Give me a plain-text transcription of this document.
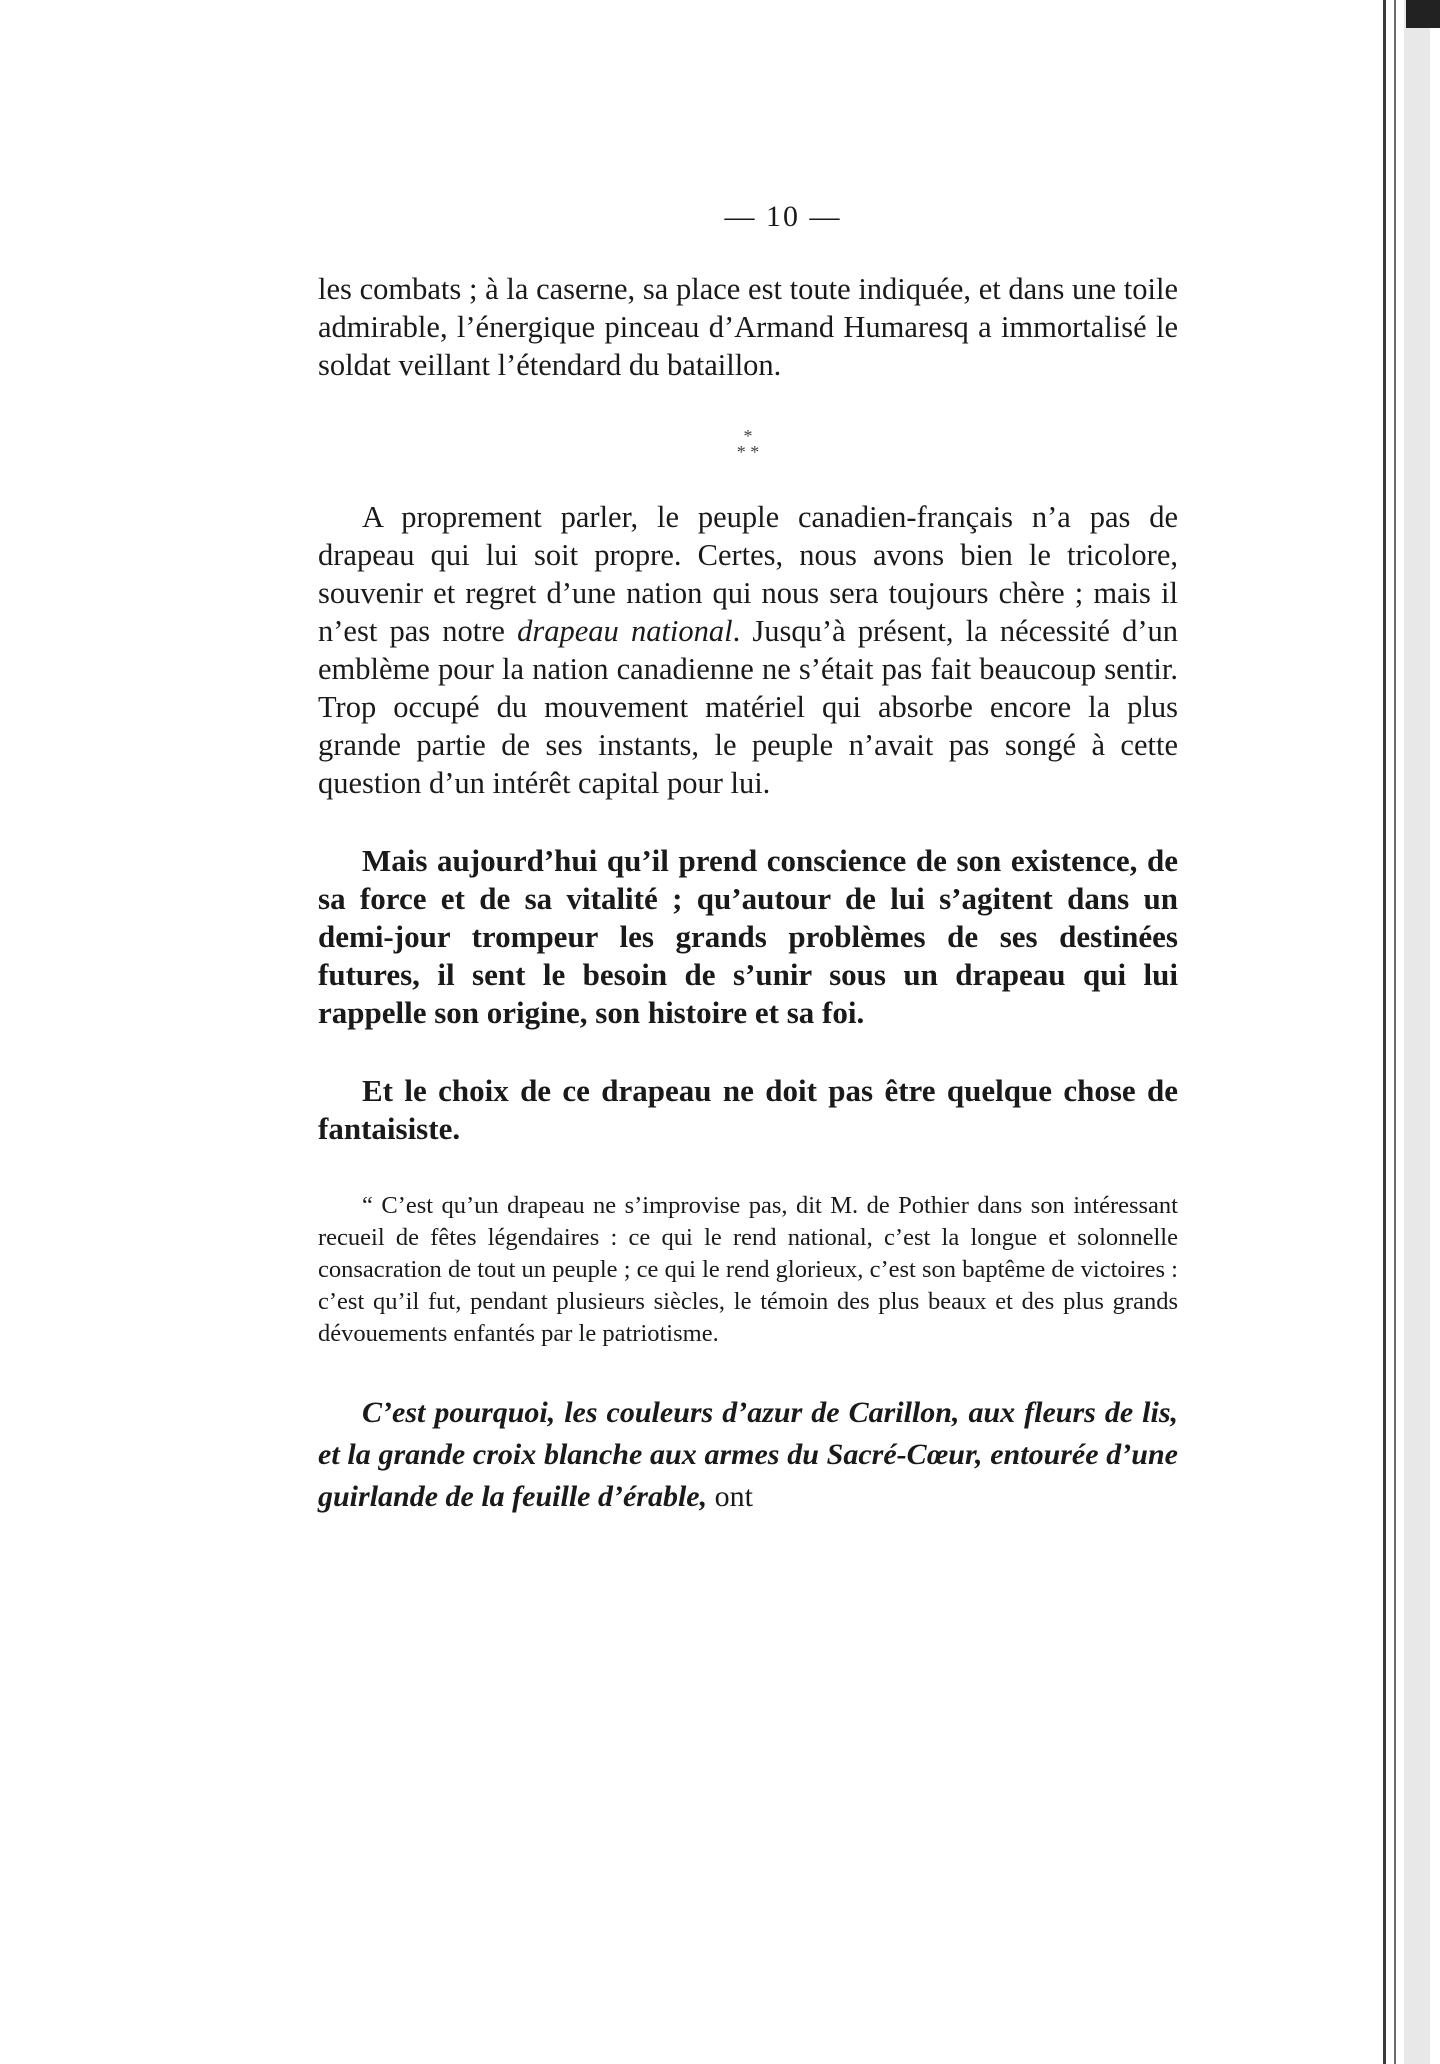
— 10 —

les combats ; à la caserne, sa place est toute indiquée, et dans une toile admirable, l’énergique pinceau d’Armand Humaresq a immortalisé le soldat veillant l’étendard du bataillon.

*
* *

A proprement parler, le peuple canadien-français n’a pas de drapeau qui lui soit propre. Certes, nous avons bien le tricolore, souvenir et regret d’une nation qui nous sera toujours chère ; mais il n’est pas notre drapeau national. Jusqu’à présent, la nécessité d’un emblème pour la nation canadienne ne s’était pas fait beaucoup sentir. Trop occupé du mouvement matériel qui absorbe encore la plus grande partie de ses instants, le peuple n’avait pas songé à cette question d’un intérêt capital pour lui.

Mais aujourd’hui qu’il prend conscience de son existence, de sa force et de sa vitalité ; qu’autour de lui s’agitent dans un demi-jour trompeur les grands problèmes de ses destinées futures, il sent le besoin de s’unir sous un drapeau qui lui rappelle son origine, son histoire et sa foi.

Et le choix de ce drapeau ne doit pas être quelque chose de fantaisiste.

“ C’est qu’un drapeau ne s’improvise pas, dit M. de Pothier dans son intéressant recueil de fêtes légendaires : ce qui le rend national, c’est la longue et solonnelle consacration de tout un peuple ; ce qui le rend glorieux, c’est son baptême de victoires : c’est qu’il fut, pendant plusieurs siècles, le témoin des plus beaux et des plus grands dévouements enfantés par le patriotisme.

C’est pourquoi, les couleurs d’azur de Carillon, aux fleurs de lis, et la grande croix blanche aux armes du Sacré-Cœur, entourée d’une guirlande de la feuille d’érable, ont
